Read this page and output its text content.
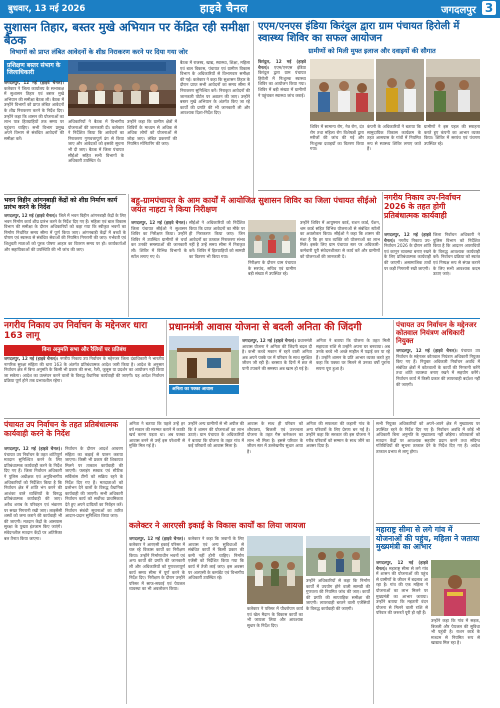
बुधवार, 13 मई 2026	हाइवे चैनल	जगदलपुर 3
सुशासन तिहार, बस्तर मुखे अभियान पर केंद्रित रही समीक्षा बैठक
विभागों को प्राप्त लंबित आवेदनों के शीघ्र निराकरण करने पर दिया गया जोर
प्रशिक्षण बस्तर संभाग के जिलाधिकारी

जगदलपुर, 12 मई (हाइवे चैनल)। कलेक्टर ने जिला कार्यालय के सभाकक्ष में सुशासन तिहार एवं बस्तर मुखे अभियान की समीक्षा बैठक ली। बैठक में उन्होंने विभागों को प्राप्त लंबित आवेदनों के शीघ्र निराकरण करने के निर्देश दिए। उन्होंने कहा कि शासन की योजनाओं का लाभ पात्र हितग्राहियों तक समय पर पहुंचना चाहिए। सभी विभाग प्रमुख अपने विभाग से संबंधित आवेदनों की समीक्षा करें।

अधिकारियों ने बैठक में विभागीय योजनाओं की जानकारी दी। कलेक्टर ने निर्देशित किया कि आवेदनों का निराकरण गुणवत्तापूर्ण ढंग से किया जाए और आवेदकों को इसकी सूचना भी दी जाए। बैठक में जिला पंचायत सीईओ सहित सभी विभागों के अधिकारी उपस्थित थे।

उन्होंने कहा कि ग्रामीण क्षेत्रों में शिविरों के माध्यम से अधिक से अधिक लोगों को योजनाओं से जोड़ा जाए। लंबित प्रकरणों की नियमित मॉनिटरिंग की जाए।

बैठक में राजस्व, खाद्य, स्वास्थ्य, शिक्षा, महिला एवं बाल विकास, पंचायत एवं ग्रामीण विकास विभाग के अधिकारियों से विभागवार समीक्षा की गई। कलेक्टर ने कहा कि सुशासन तिहार के दौरान प्राप्त सभी आवेदनों का समय सीमा में निराकरण सुनिश्चित करें। निराकृत आवेदनों की जानकारी पोर्टल पर अद्यतन की जाए। उन्होंने बस्तर मुखे अभियान के अंतर्गत किए जा रहे कार्यों की प्रगति की भी जानकारी ली और आवश्यक दिशा-निर्देश दिए।

भवन विहीन आंगनबाड़ी केंद्रों को शीघ्र निर्माण कार्य प्रारंभ करने के निर्देश

जगदलपुर, 12 मई (हाइवे चैनल)। जिले में भवन विहीन आंगनबाड़ी केंद्रों के लिए भवन निर्माण कार्य शीघ्र प्रारंभ करने के निर्देश दिए गए हैं। महिला एवं बाल विकास विभाग की समीक्षा के दौरान अधिकारियों को कहा गया कि स्वीकृत भवनों का निर्माण निर्धारित समय सीमा में पूर्ण किया जाए। आंगनबाड़ी केंद्रों में बच्चों के पोषण एवं स्वास्थ्य से संबंधित सेवाओं की नियमित निगरानी की जाए। गर्भवती एवं शिशुवती माताओं को पूरक पोषण आहार का वितरण समय पर हो। कार्यकर्ताओं और सहायिकाओं की उपस्थिति की भी जांच की जाए।

बहु-ग्रामपंचायत के आम कार्यों में आयोजित सुशासन शिविर का जिला पंचायत सीईओ जयंत नाहटा ने किया निरीक्षण

जगदलपुर, 12 मई (हाइवे चैनल)। जिला पंचायत सीईओ ने सुशासन शिविर का निरीक्षण किया। उन्होंने शिविर में उपस्थित ग्रामीणों से चर्चा कर उनकी समस्याओं की जानकारी ली। शिविर में विभिन्न विभागों के स्टॉल लगाए गए थे।

सीईओ ने अधिकारियों को निर्देशित किया कि प्राप्त आवेदनों का मौके पर ही निराकरण किया जाए। जिन आवेदनों का तत्काल निराकरण संभव नहीं है उन्हें समय सीमा में निराकृत करें। शिविर में हितग्राहियों को सामग्री का वितरण भी किया गया।

निरीक्षण के दौरान ग्राम पंचायत के सरपंच, सचिव एवं ग्रामीण बड़ी संख्या में उपस्थित रहे।

उन्होंने शिविर में आयुष्मान कार्ड, राशन कार्ड, पेंशन, श्रम कार्ड सहित विभिन्न योजनाओं से संबंधित स्टॉलों का अवलोकन किया। सीईओ ने कहा कि शासन की मंशा है कि हर पात्र व्यक्ति को योजनाओं का लाभ मिले। इसके लिए ग्राम पंचायत स्तर पर अधिकारी-कर्मचारी पूरी संवेदनशीलता से कार्य करें और ग्रामीणों को योजनाओं की जानकारी दें।

एएम/एनएस इंडिया किरंदुल द्वारा ग्राम पंचायत हिरोली में स्वास्थ्य शिविर का सफल आयोजन
ग्रामीणों को मिली मुफ्त इलाज और दवाइयों की सौगात

किरंदुल, 12 मई (हाइवे चैनल)। एएम/एनएस इंडिया किरंदुल द्वारा ग्राम पंचायत हिरोली में निःशुल्क स्वास्थ्य शिविर का आयोजन किया गया। शिविर में बड़ी संख्या में ग्रामीणों ने पहुंचकर स्वास्थ्य जांच कराई।

शिविर में सामान्य रोग, नेत्र रोग, दंत रोग तथा महिला रोग विशेषज्ञों द्वारा मरीजों की जांच की गई और निःशुल्क दवाइयों का वितरण किया गया।

कंपनी के अधिकारियों ने बताया कि सामुदायिक विकास कार्यक्रम के तहत आसपास के गांवों में नियमित रूप से स्वास्थ्य शिविर लगाए जाते हैं।

ग्रामीणों ने इस पहल की सराहना करते हुए कंपनी का आभार व्यक्त किया। शिविर में सरपंच एवं पंचगण उपस्थित रहे।

नगरीय निकाय उप-निर्वाचन 2026 के तहत होगी प्रतिबंधात्मक कार्यवाही

जगदलपुर, 12 मई (हाइवे चैनल)। नगरीय निकाय उप-निर्वाचन 2026 के दौरान शांति एवं कानून व्यवस्था बनाए रखने के लिए प्रतिबंधात्मक कार्यवाही की जाएगी। असामाजिक तत्वों पर कड़ी निगरानी रखी जाएगी।

जिला निर्वाचन अधिकारी ने पुलिस विभाग को निर्देशित किया है कि आदतन अपराधियों के विरुद्ध आवश्यक कार्यवाही करें। निर्वाचन प्रक्रिया को स्वतंत्र एवं निष्पक्ष रूप से संपन्न कराने के लिए सभी आवश्यक कदम उठाए जाएं।

नगरीय निकाय उप निर्वाचन के मद्देनजर धारा 163 लागू
बिना अनुमति सभा और रैलियों पर प्रतिबंध

जगदलपुर, 12 मई (हाइवे चैनल)। नगरीय निकाय उप निर्वाचन के मद्देनजर जिला दंडाधिकारी ने भारतीय नागरिक सुरक्षा संहिता की धारा 163 के अंतर्गत प्रतिबंधात्मक आदेश जारी किया है। आदेश के अनुसार निर्वाचन क्षेत्र में बिना अनुमति के किसी भी प्रकार की सभा, रैली, जुलूस या प्रदर्शन का आयोजन नहीं किया जा सकेगा। आदेश का उल्लंघन करने वालों के विरुद्ध वैधानिक कार्यवाही की जाएगी। यह आदेश निर्वाचन प्रक्रिया पूर्ण होने तक प्रभावशील रहेगा।

प्रधानमंत्री आवास योजना से बदली अनिता की जिंदगी
अनिता का पक्का आवास

जगदलपुर, 12 मई (हाइवे चैनल)। प्रधानमंत्री आवास योजना ने अनिता की जिंदगी बदल दी है। कभी कच्चे मकान में रहने वाली अनिता अब अपने पक्के घर में परिवार के साथ सुरक्षित जीवन जी रही हैं। बरसात के दिनों में छत से पानी टपकने की समस्या अब खत्म हो गई है।

अनिता ने बताया कि योजना के तहत मिली सहायता राशि से उन्होंने अपना घर बनवाया। अब उनके बच्चे भी अच्छे माहौल में पढ़ाई कर पा रहे हैं। उन्होंने शासन के प्रति आभार व्यक्त करते हुए कहा कि पक्का घर मिलने से उनका वर्षों पुराना सपना पूरा हुआ है।

पंचायत उप निर्वाचन के मद्देनजर कोतवाल नियंत्रण अधिकारी नियुक्त

जगदलपुर, 12 मई (हाइवे चैनल)। पंचायत उप निर्वाचन के मद्देनजर कोतवाल नियंत्रण अधिकारी नियुक्त किए गए हैं। नियुक्त अधिकारी निर्वाचन अवधि में संबंधित क्षेत्रों में कोतवालों के कार्यों की निगरानी करेंगे तथा शांति व्यवस्था बनाए रखने में सहयोग करेंगे। निर्वाचन कार्य में किसी प्रकार की लापरवाही बर्दाश्त नहीं की जाएगी।

पंचायत उप निर्वाचन के तहत प्रतिबंधात्मक कार्यवाही करने के निर्देश

जगदलपुर, 12 मई (हाइवे चैनल)। पंचायत उप निर्वाचन के तहत शांतिपूर्ण मतदान सुनिश्चित करने के लिए प्रतिबंधात्मक कार्यवाही करने के निर्देश दिए गए हैं। जिला निर्वाचन अधिकारी ने पुलिस अधीक्षक एवं अनुविभागीय अधिकारियों को निर्देशित किया है कि निर्वाचन क्षेत्र में शांति भंग करने की आशंका वाले व्यक्तियों के विरुद्ध प्रतिबंधात्मक कार्यवाही की जाए। अवैध शराब के परिवहन एवं भंडारण पर सख्त निगरानी रखी जाए। लाइसेंसी शस्त्रों को जमा कराने की कार्यवाही भी की जाएगी। मतदान केंद्रों के आसपास सुरक्षा के पुख्ता इंतजाम किए जाएंगे। संवेदनशील मतदान केंद्रों पर अतिरिक्त बल तैनात किया जाएगा।

निर्वाचन के दौरान आदर्श आचरण संहिता का कड़ाई से पालन कराया जाएगा। किसी भी प्रकार की शिकायत मिलने पर तत्काल कार्यवाही की जाएगी। फ्लाइंग स्क्वाड एवं स्टैटिक सर्विलांस टीमों को सक्रिय रहने के निर्देश दिए गए हैं। मतदाताओं को प्रलोभन देने वालों के विरुद्ध वैधानिक कार्यवाही की जाएगी। सभी अधिकारी निर्वाचन कार्य को सर्वोच्च प्राथमिकता देते हुए अपने दायित्वों का निर्वहन करें। निर्वाचन संबंधी सूचनाओं का त्वरित आदान-प्रदान सुनिश्चित किया जाए।

कलेक्टर ने आरएसी इकाई के विकास कार्यों का लिया जायजा

अनिता ने बताया कि पहले उन्हें हर वर्ष मकान की मरम्मत कराने में काफी खर्च करना पड़ता था। अब पक्का आवास बनने से उन्हें इस परेशानी से मुक्ति मिल गई है।

उन्होंने अन्य ग्रामीणों से भी अपील की कि वे शासन की योजनाओं का लाभ उठाएं। ग्राम पंचायत के अधिकारियों ने बताया कि योजना के तहत गांव में कई परिवारों को आवास मिला है।

आवास के साथ ही परिवार को शौचालय, बिजली एवं उज्ज्वला योजना के तहत गैस कनेक्शन का लाभ भी मिला है। इससे परिवार के जीवन स्तर में उल्लेखनीय सुधार आया है।

अनिता की सफलता की कहानी गांव के अन्य परिवारों के लिए प्रेरणा बन गई है। उन्होंने कहा कि सरकार की इस योजना ने गरीब परिवारों को सम्मान के साथ जीने का अवसर दिया है।

जगदलपुर, 12 मई (हाइवे चैनल)। कलेक्टर ने आरएसी इकाई परिसर में चल रहे विकास कार्यों का निरीक्षण किया। उन्होंने निर्माणाधीन भवनों एवं अन्य कार्यों की प्रगति की जानकारी ली और अधिकारियों को गुणवत्तापूर्ण कार्य समय सीमा में पूर्ण करने के निर्देश दिए। निरीक्षण के दौरान उन्होंने परिसर में साफ-सफाई एवं पेयजल व्यवस्था का भी अवलोकन किया।

कलेक्टर ने कहा कि जवानों के लिए आवास एवं अन्य सुविधाओं से संबंधित कार्यों में किसी प्रकार की कमी नहीं होनी चाहिए। निर्माण एजेंसी को निर्देशित किया गया कि कार्य में तेजी लाई जाए। इस अवसर पर आरएसी के कमांडेंट एवं विभागीय अधिकारी उपस्थित रहे।

कलेक्टर ने परिसर में पौधरोपण कार्य एवं खेल मैदान के विकास कार्यों का भी जायजा लिया और आवश्यक सुधार के निर्देश दिए।

उन्होंने अधिकारियों से कहा कि निर्माण कार्यों में उपयोग होने वाली सामग्री की गुणवत्ता की नियमित जांच की जाए। कार्यों की प्रगति की साप्ताहिक समीक्षा की जाएगी। लापरवाही बरतने वाली एजेंसियों के विरुद्ध कार्यवाही की जाएगी।

सभी नियुक्त अधिकारियों को अपने-अपने क्षेत्र में मुख्यालय पर उपस्थित रहने के निर्देश दिए गए हैं। निर्वाचन अवधि में कोई भी अधिकारी बिना अनुमति के मुख्यालय नहीं छोड़ेगा। कोतवालों को मतदान केंद्रों पर आवश्यक सहयोग प्रदान करने तथा संदिग्ध गतिविधियों की सूचना तत्काल देने के निर्देश दिए गए हैं। आदेश तत्काल प्रभाव से लागू होगा।

महाराष्ट्र सीमा से लगे गांव में योजनाओं की पहुंच, महिला ने जताया मुख्यमंत्री का आभार

जगदलपुर, 12 मई (हाइवे चैनल)। महाराष्ट्र सीमा से लगे गांव में शासन की योजनाओं की पहुंच से ग्रामीणों के जीवन में बदलाव आ रहा है। गांव की एक महिला ने योजनाओं का लाभ मिलने पर मुख्यमंत्री का आभार जताया। उन्होंने बताया कि महतारी वंदन योजना से मिलने वाली राशि से परिवार की जरूरतें पूरी हो रही हैं।

उन्होंने कहा कि गांव में सड़क, बिजली और पेयजल की सुविधा भी पहुंची है। राशन कार्ड के माध्यम से नियमित रूप से खाद्यान्न मिल रहा है।
